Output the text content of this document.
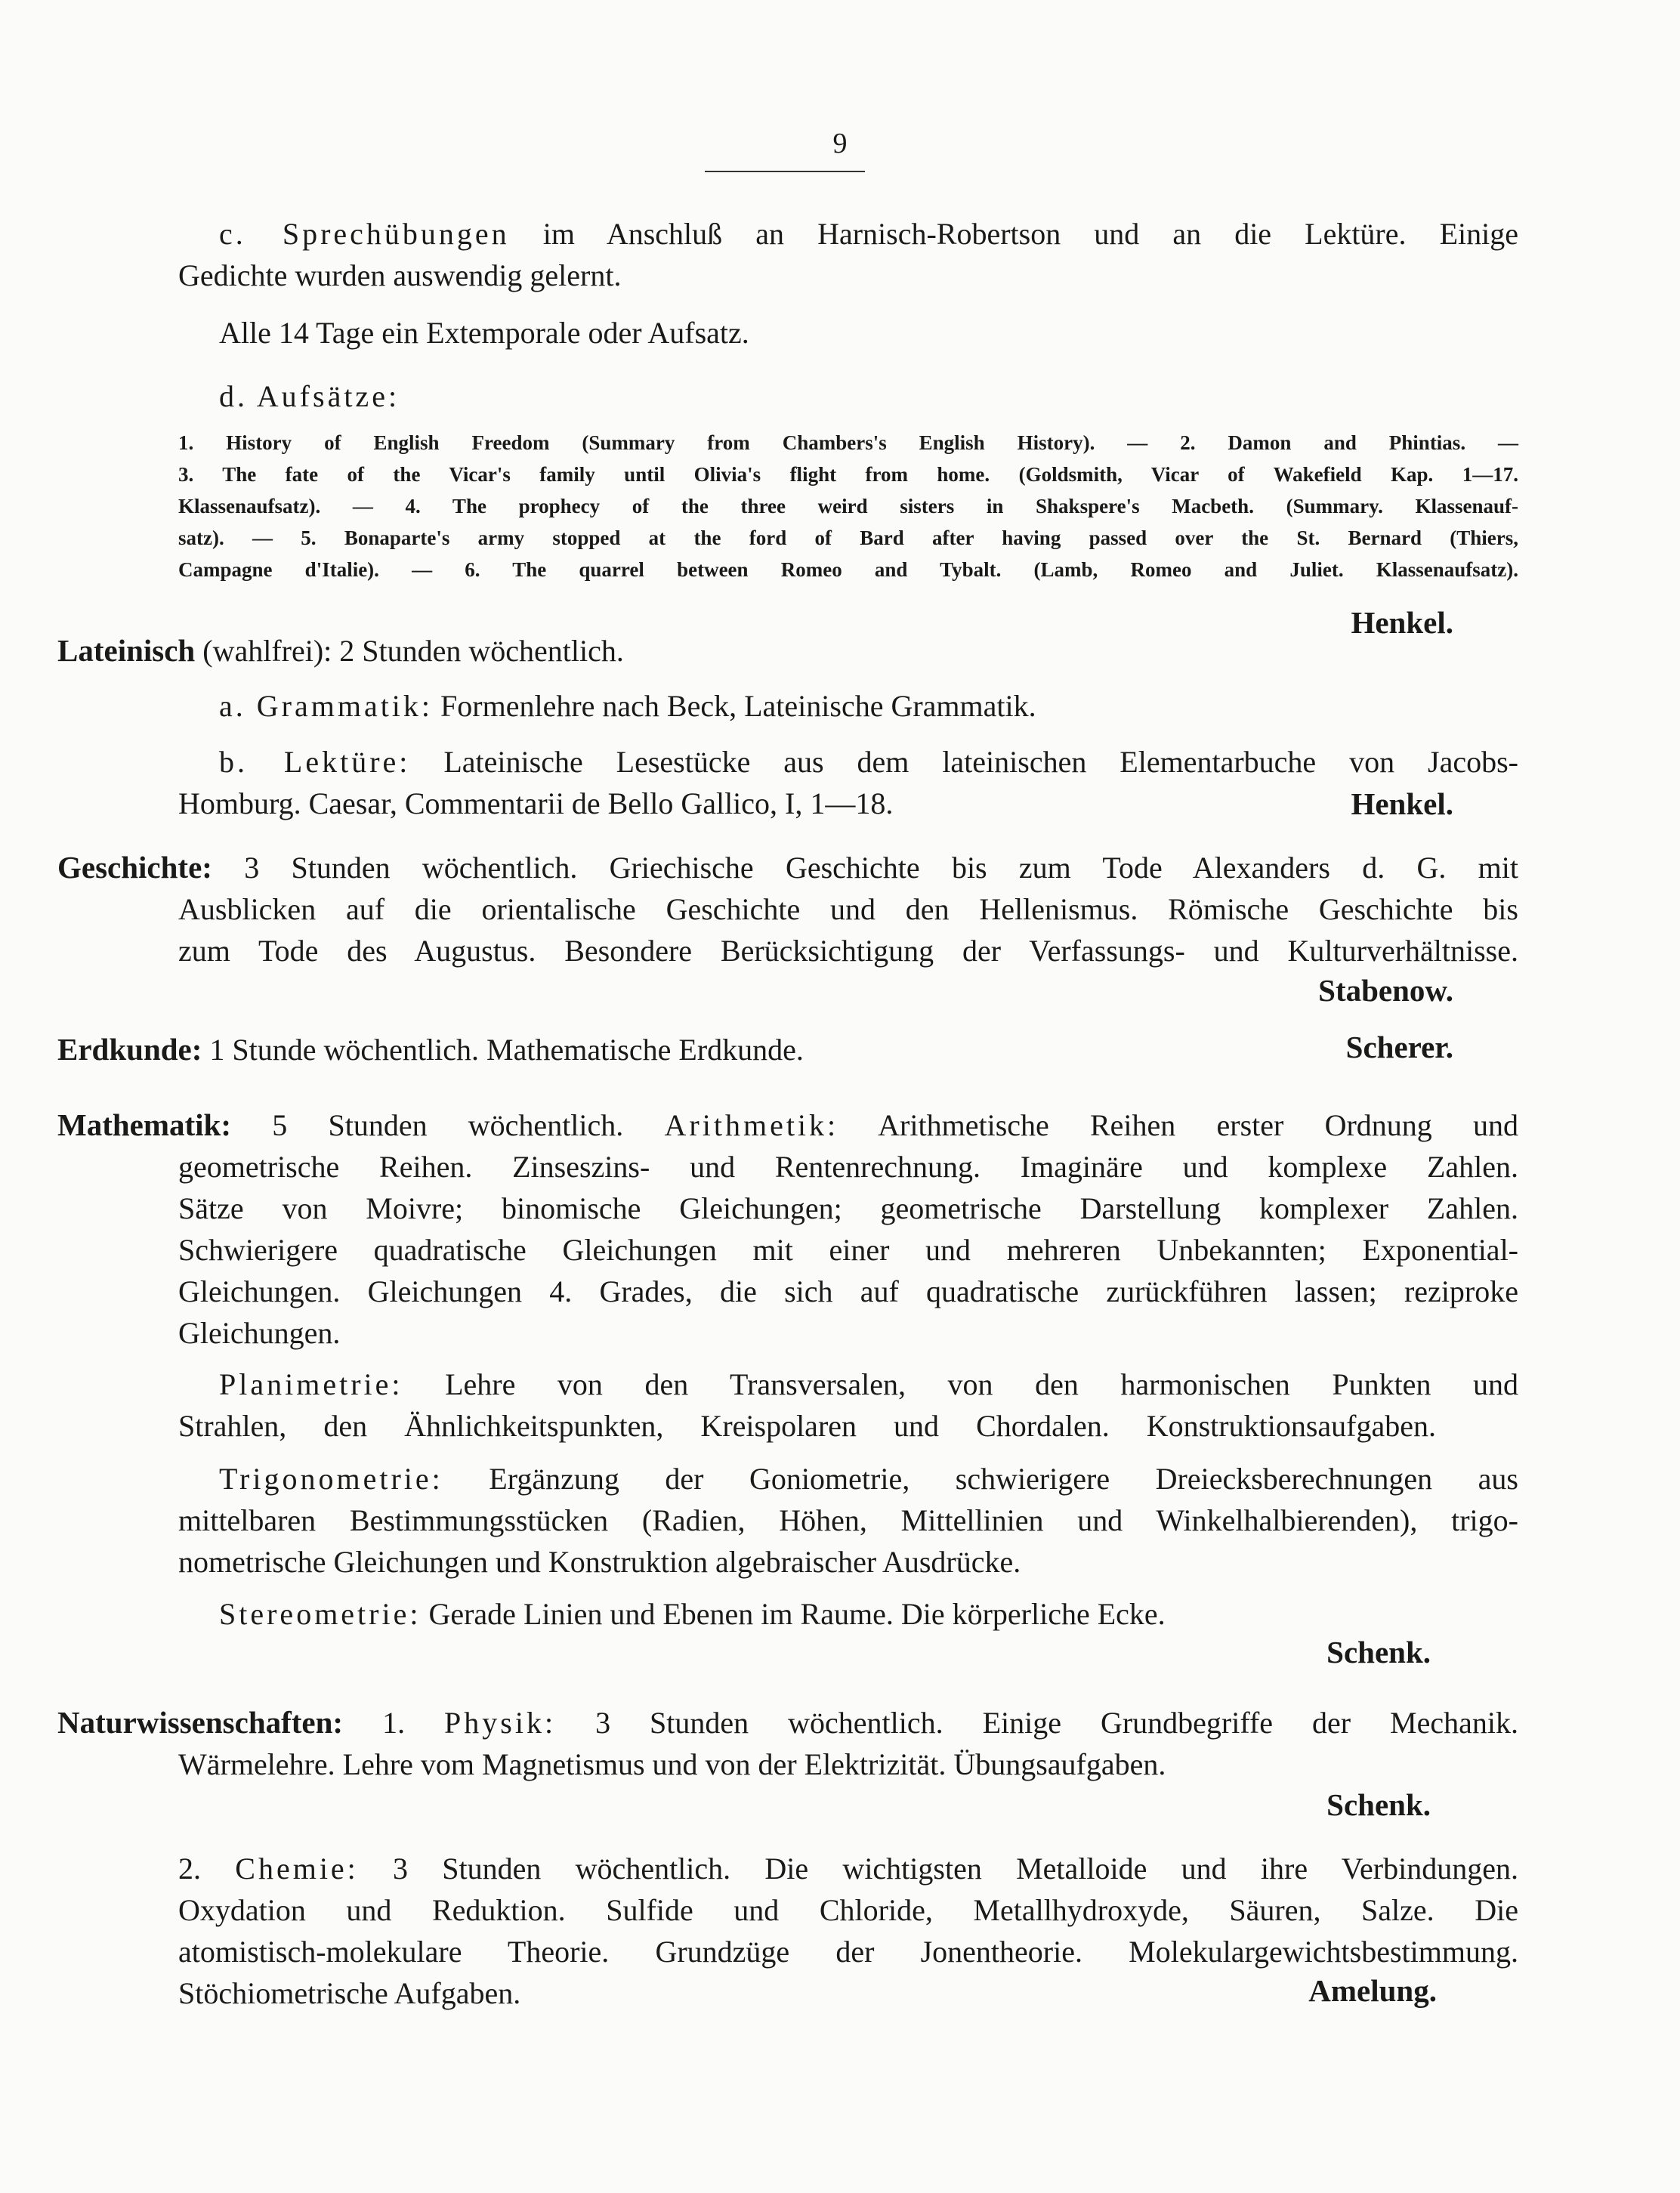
9
c. Sprechübungen im Anschluß an Harnisch-Robertson und an die Lektüre. Einige
Gedichte wurden auswendig gelernt.
Alle 14 Tage ein Extemporale oder Aufsatz.
d. Aufsätze:
1. History of English Freedom (Summary from Chambers's English History). — 2. Damon and Phintias. —
3. The fate of the Vicar's family until Olivia's flight from home. (Goldsmith, Vicar of Wakefield Kap. 1—17.
Klassenaufsatz). — 4. The prophecy of the three weird sisters in Shakspere's Macbeth. (Summary. Klassenauf-
satz). — 5. Bonaparte's army stopped at the ford of Bard after having passed over the St. Bernard (Thiers,
Campagne d'Italie). — 6. The quarrel between Romeo and Tybalt. (Lamb, Romeo and Juliet. Klassenaufsatz).
Henkel.
Lateinisch (wahlfrei): 2 Stunden wöchentlich.
a. Grammatik: Formenlehre nach Beck, Lateinische Grammatik.
b. Lektüre: Lateinische Lesestücke aus dem lateinischen Elementarbuche von Jacobs-
Homburg. Caesar, Commentarii de Bello Gallico, I, 1—18.	Henkel.
Geschichte: 3 Stunden wöchentlich. Griechische Geschichte bis zum Tode Alexanders d. G. mit
Ausblicken auf die orientalische Geschichte und den Hellenismus. Römische Geschichte bis
zum Tode des Augustus. Besondere Berücksichtigung der Verfassungs- und Kulturverhältnisse.
Stabenow.
Erdkunde: 1 Stunde wöchentlich. Mathematische Erdkunde.	Scherer.
Mathematik: 5 Stunden wöchentlich. Arithmetik: Arithmetische Reihen erster Ordnung und
geometrische Reihen. Zinseszins- und Rentenrechnung. Imaginäre und komplexe Zahlen.
Sätze von Moivre; binomische Gleichungen; geometrische Darstellung komplexer Zahlen.
Schwierigere quadratische Gleichungen mit einer und mehreren Unbekannten; Exponential-
Gleichungen. Gleichungen 4. Grades, die sich auf quadratische zurückführen lassen; reziproke
Gleichungen.
Planimetrie: Lehre von den Transversalen, von den harmonischen Punkten und
Strahlen, den Ähnlichkeitspunkten, Kreispolaren und Chordalen. Konstruktionsaufgaben.
Trigonometrie: Ergänzung der Goniometrie, schwierigere Dreiecksberechnungen aus
mittelbaren Bestimmungsstücken (Radien, Höhen, Mittellinien und Winkelhalbierenden), trigo-
nometrische Gleichungen und Konstruktion algebraischer Ausdrücke.
Stereometrie: Gerade Linien und Ebenen im Raume. Die körperliche Ecke.
Schenk.
Naturwissenschaften: 1. Physik: 3 Stunden wöchentlich. Einige Grundbegriffe der Mechanik.
Wärmelehre. Lehre vom Magnetismus und von der Elektrizität. Übungsaufgaben.
Schenk.
2. Chemie: 3 Stunden wöchentlich. Die wichtigsten Metalloide und ihre Verbindungen.
Oxydation und Reduktion. Sulfide und Chloride, Metallhydroxyde, Säuren, Salze. Die
atomistisch-molekulare Theorie. Grundzüge der Jonentheorie. Molekulargewichtsbestimmung.
Stöchiometrische Aufgaben.	Amelung.
